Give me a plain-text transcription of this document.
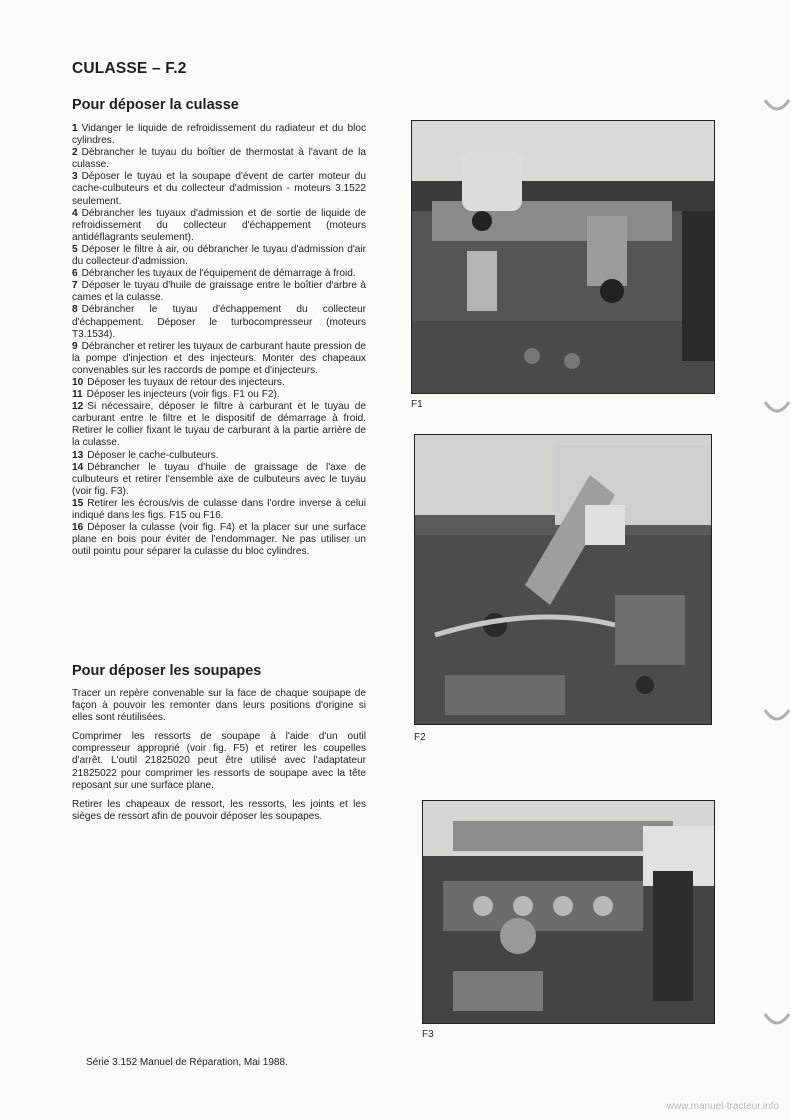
CULASSE – F.2
Pour déposer la culasse

1 Vidanger le liquide de refroidissement du radiateur et du bloc cylindres.

2 Débrancher le tuyau du boîtier de thermostat à l'avant de la culasse.

3 Déposer le tuyau et la soupape d'évent de carter moteur du cache-culbuteurs et du collecteur d'admission - moteurs 3.1522 seulement.

4 Débrancher les tuyaux d'admission et de sortie de liquide de refroidissement du collecteur d'échappement (moteurs antidéflagrants seulement).

5 Déposer le filtre à air, ou débrancher le tuyau d'admission d'air du collecteur d'admission.

6 Débrancher les tuyaux de l'équipement de démarrage à froid.

7 Déposer le tuyau d'huile de graissage entre le boîtier d'arbre à cames et la culasse.

8 Débrancher le tuyau d'échappement du collecteur d'échappement. Déposer le turbocompresseur (moteurs T3.1534).

9 Débrancher et retirer les tuyaux de carburant haute pression de la pompe d'injection et des injecteurs. Monter des chapeaux convenables sur les raccords de pompe et d'injecteurs.

10 Déposer les tuyaux de retour des injecteurs.

11 Déposer les injecteurs (voir figs. F1 ou F2).

12 Si nécessaire, déposer le filtre à carburant et le tuyau de carburant entre le filtre et le dispositif de démarrage à froid. Retirer le collier fixant le tuyau de carburant à la partie arrière de la culasse.

13 Déposer le cache-culbuteurs.

14 Débrancher le tuyau d'huile de graissage de l'axe de culbuteurs et retirer l'ensemble axe de culbuteurs avec le tuyau (voir fig. F3).

15 Retirer les écrous/vis de culasse dans l'ordre inverse à celui indiqué dans les figs. F15 ou F16.

16 Déposer la culasse (voir fig. F4) et la placer sur une surface plane en bois pour éviter de l'endommager. Ne pas utiliser un outil pointu pour séparer la culasse du bloc cylindres.

Pour déposer les soupapes

Tracer un repère convenable sur la face de chaque soupape de façon à pouvoir les remonter dans leurs positions d'origine si elles sont réutilisées.

Comprimer les ressorts de soupape à l'aide d'un outil compresseur approprié (voir fig. F5) et retirer les coupelles d'arrêt. L'outil 21825020 peut être utilisé avec l'adaptateur 21825022 pour comprimer les ressorts de soupape avec la tête reposant sur une surface plane.

Retirer les chapeaux de ressort, les ressorts, les joints et les sièges de ressort afin de pouvoir déposer les soupapes.

F1
F2
F3
Série 3.152 Manuel de Réparation, Mai 1988.
www.manuel-tracteur.info
